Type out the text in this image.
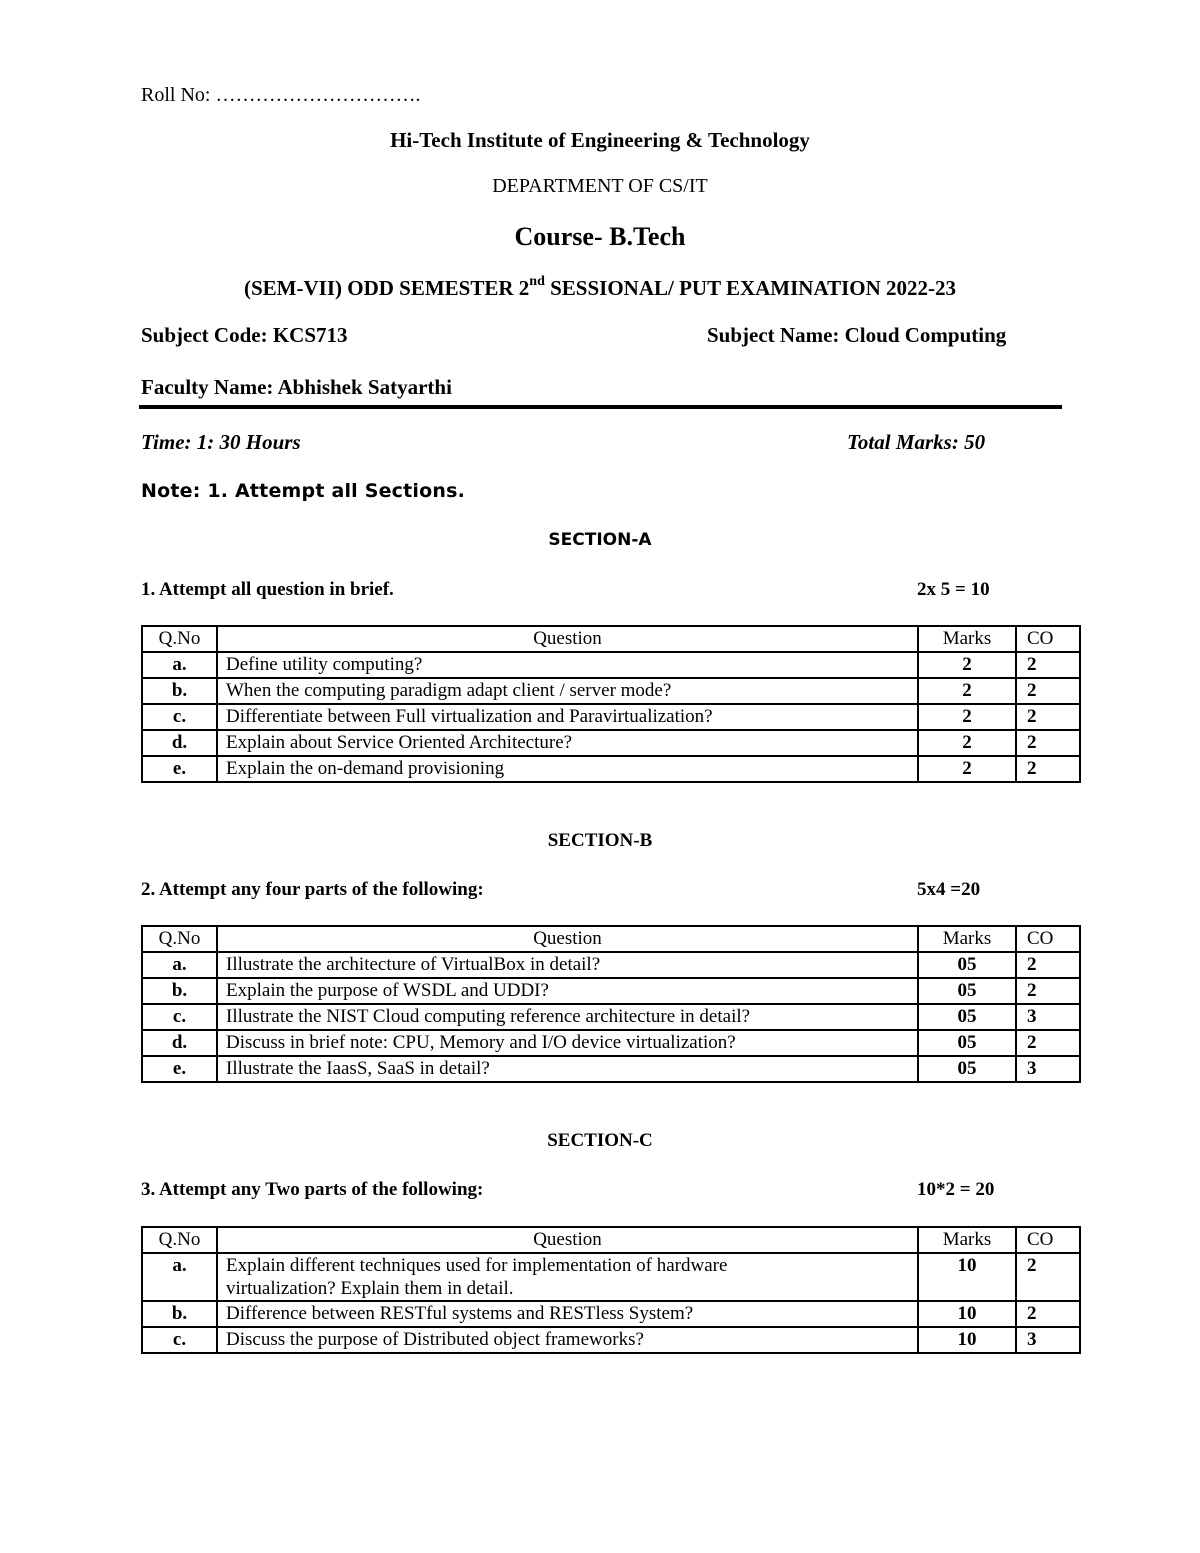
Roll No: ………………………….
Hi-Tech Institute of Engineering & Technology
DEPARTMENT OF CS/IT
Course- B.Tech
(SEM-VII) ODD SEMESTER 2nd SESSIONAL/ PUT EXAMINATION 2022-23
Subject Code: KCS713	Subject Name: Cloud Computing
Faculty Name: Abhishek Satyarthi
Time: 1: 30 Hours	Total Marks: 50
Note: 1. Attempt all Sections.
SECTION-A
1. Attempt all question in brief.	2x 5 = 10
Q.No	Question	Marks	CO
a.	Define utility computing?	2	2
b.	When the computing paradigm adapt client / server mode?	2	2
c.	Differentiate between Full virtualization and Paravirtualization?	2	2
d.	Explain about Service Oriented Architecture?	2	2
e.	Explain the on-demand provisioning	2	2
SECTION-B
2. Attempt any four parts of the following:	5x4 =20
Q.No	Question	Marks	CO
a.	Illustrate the architecture of VirtualBox in detail?	05	2
b.	Explain the purpose of WSDL and UDDI?	05	2
c.	Illustrate the NIST Cloud computing reference architecture in detail?	05	3
d.	Discuss in brief note: CPU, Memory and I/O device virtualization?	05	2
e.	Illustrate the IaasS, SaaS in detail?	05	3
SECTION-C
3. Attempt any Two parts of the following:	10*2 = 20
Q.No	Question	Marks	CO
a.	Explain different techniques used for implementation of hardware
virtualization? Explain them in detail.	10	2
b.	Difference between RESTful systems and RESTless System?	10	2
c.	Discuss the purpose of Distributed object frameworks?	10	3
